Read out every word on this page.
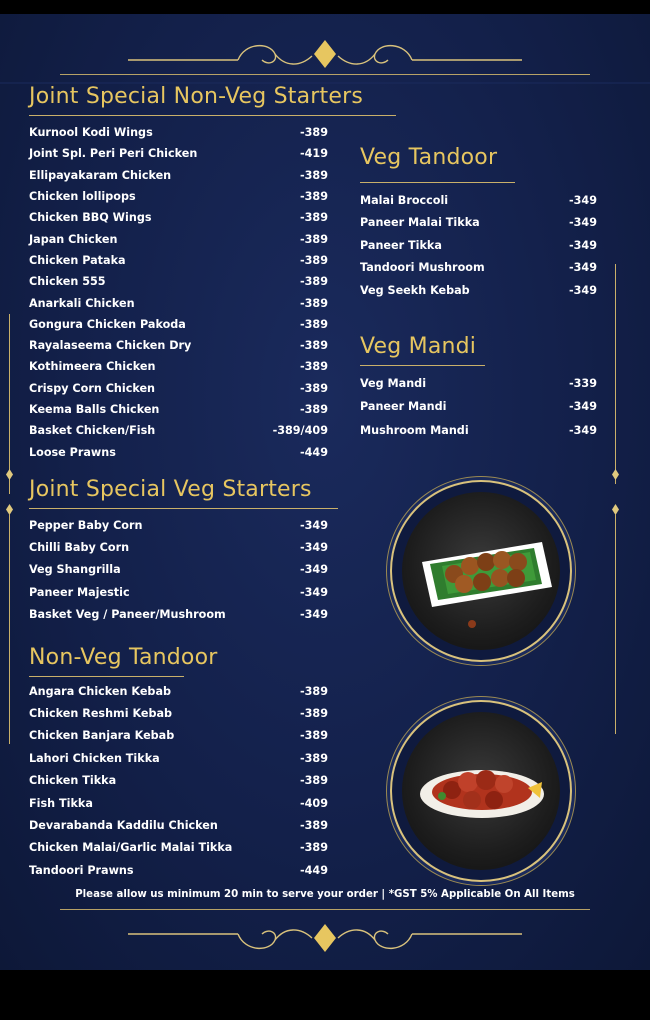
Joint Special Non-Veg Starters
Kurnool Kodi Wings	-389
Joint Spl. Peri Peri Chicken	-419
Ellipayakaram Chicken	-389
Chicken lollipops	-389
Chicken BBQ Wings	-389
Japan Chicken	-389
Chicken Pataka	-389
Chicken 555	-389
Anarkali Chicken	-389
Gongura Chicken Pakoda	-389
Rayalaseema Chicken Dry	-389
Kothimeera Chicken	-389
Crispy Corn Chicken	-389
Keema Balls Chicken	-389
Basket Chicken/Fish	-389/409
Loose Prawns	-449
Veg Tandoor
Malai Broccoli	-349
Paneer Malai Tikka	-349
Paneer Tikka	-349
Tandoori Mushroom	-349
Veg Seekh Kebab	-349
Veg Mandi
Veg Mandi	-339
Paneer Mandi	-349
Mushroom Mandi	-349
Joint Special Veg Starters
Pepper Baby Corn	-349
Chilli Baby Corn	-349
Veg Shangrilla	-349
Paneer Majestic	-349
Basket Veg / Paneer/Mushroom	-349
Non-Veg Tandoor
Angara Chicken Kebab	-389
Chicken Reshmi Kebab	-389
Chicken Banjara Kebab	-389
Lahori Chicken Tikka	-389
Chicken Tikka	-389
Fish Tikka	-409
Devarabanda Kaddilu Chicken	-389
Chicken Malai/Garlic Malai Tikka	-389
Tandoori Prawns	-449
Please allow us minimum 20 min to serve your order | *GST 5% Applicable On All Items
